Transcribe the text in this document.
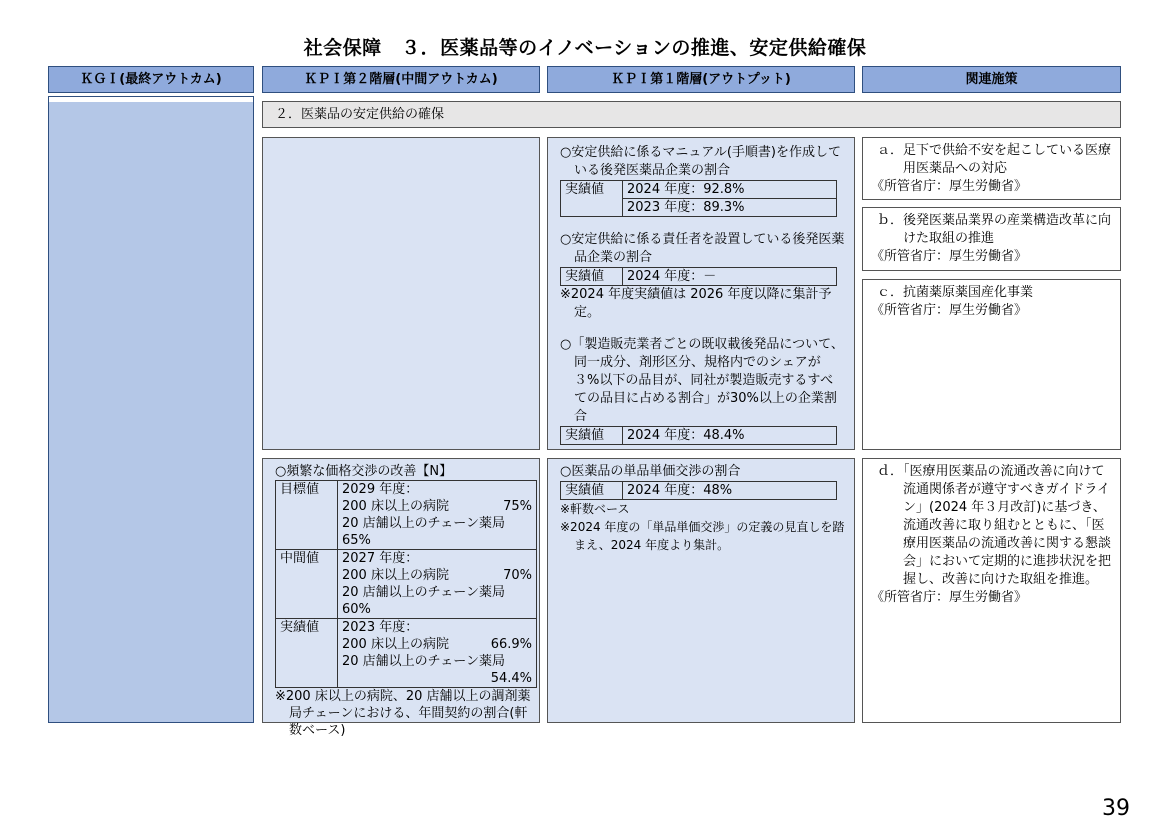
社会保障　３．医薬品等のイノベーションの推進、安定供給確保
ＫＧＩ(最終アウトカム)	ＫＰＩ第２階層(中間アウトカム)	ＫＰＩ第１階層(アウトプット)	関連施策
２．医薬品の安定供給の確保
○安定供給に係るマニュアル(手順書)を作成している後発医薬品企業の割合
実績値	2024 年度：92.8%
2023 年度：89.3%
○安定供給に係る責任者を設置している後発医薬品企業の割合
実績値	2024 年度：－
※2024 年度実績値は 2026 年度以降に集計予定。
○「製造販売業者ごとの既収載後発品について、同一成分、剤形区分、規格内でのシェアが３%以下の品目が、同社が製造販売するすべての品目に占める割合」が30%以上の企業割合
実績値	2024 年度：48.4%
ａ．足下で供給不安を起こしている医療用医薬品への対応
《所管省庁：厚生労働省》
ｂ．後発医薬品業界の産業構造改革に向けた取組の推進
《所管省庁：厚生労働省》
ｃ．抗菌薬原薬国産化事業
《所管省庁：厚生労働省》
○頻繁な価格交渉の改善【N】
目標値	2029 年度：
200 床以上の病院 75%
20 店舗以上のチェーン薬局 65%

中間値	2027 年度：
200 床以上の病院 70%
20 店舗以上のチェーン薬局 60%

実績値	2023 年度：
200 床以上の病院 66.9%
20 店舗以上のチェーン薬局
54.4%
※200 床以上の病院、20 店舗以上の調剤薬局チェーンにおける、年間契約の割合(軒数ベース)
○医薬品の単品単価交渉の割合
実績値	2024 年度：48%
※軒数ベース
※2024 年度の「単品単価交渉」の定義の見直しを踏まえ、2024 年度より集計。
ｄ．「医療用医薬品の流通改善に向けて流通関係者が遵守すべきガイドライン」(2024 年３月改訂)に基づき、流通改善に取り組むとともに、「医療用医薬品の流通改善に関する懇談会」において定期的に進捗状況を把握し、改善に向けた取組を推進。
《所管省庁：厚生労働省》
39
